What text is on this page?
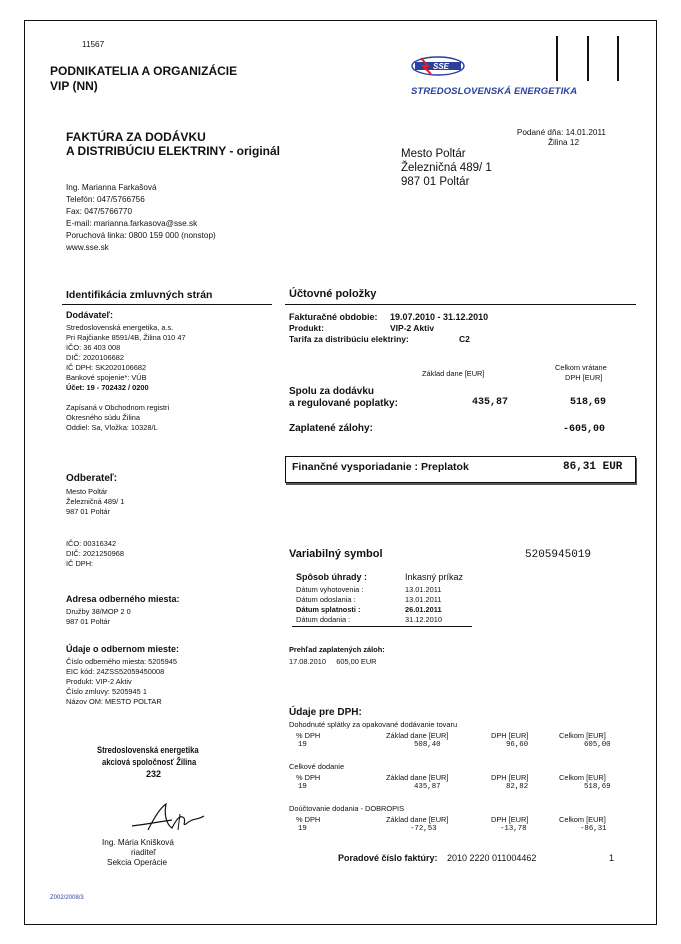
11567
PODNIKATELIA A ORGANIZÁCIE
VIP (NN)
SSE
STREDOSLOVENSKÁ ENERGETIKA
FAKTÚRA ZA DODÁVKU
A DISTRIBÚCIU ELEKTRINY - originál
Podané dňa: 14.01.2011
Žilina 12
Mesto Poltár
Železničná 489/ 1
987 01 Poltár
Ing. Marianna Farkašová
Telefón: 047/5766756
Fax: 047/5766770
E-mail: marianna.farkasova@sse.sk
Poruchová linka: 0800 159 000 (nonstop)
www.sse.sk
Identifikácia zmluvných strán	Účtovné položky
Dodávateľ:
Stredoslovenská energetika, a.s.
Pri Rajčianke 8591/4B, Žilina 010 47
IČO: 36 403 008
DIČ: 2020106682
IČ DPH: SK2020106682
Bankové spojenie*: VÚB
Účet: 19 - 702432 / 0200
Zapísaná v Obchodnom registri
Okresného súdu Žilina
Oddiel: Sa, Vložka: 10328/L
Odberateľ:
Mesto Poltár
Železničná 489/ 1
987 01 Poltár
IČO: 00316342
DIČ: 2021250968
IČ DPH:
Adresa odberného miesta:
Družby 38/MOP 2 0
987 01 Poltár
Údaje o odbernom mieste:
Číslo odberného miesta: 5205945
EIC kód: 24ZSS52059450008
Produkt: VIP-2 Aktiv
Číslo zmluvy: 5205945 1
Názov OM: MESTO POLTAR
Stredoslovenská energetika
akciová spoločnosť Žilina
232
Ing. Mária Knišková
riaditeľ
Sekcia Operácie
Z002/2008/3
Fakturačné obdobie: 19.07.2010 - 31.12.2010
Produkt:	VIP-2 Aktiv
Tarifa za distribúciu elektriny:	C2
Základ dane [EUR]
Celkom vrátane
DPH [EUR]
Spolu za dodávku
a regulované poplatky:	435,87	518,69
Zaplatené zálohy:	-605,00
Finančné vysporiadanie : Preplatok	86,31 EUR
Variabilný symbol	5205945019
Spôsob úhrady :	Inkasný príkaz
Dátum vyhotovenia :	13.01.2011
Dátum odoslania :	13.01.2011
Dátum splatnosti :	26.01.2011
Dátum dodania :	31.12.2010
Prehľad zaplatených záloh:
17.08.2010     605,00 EUR
Údaje pre DPH:
Dohodnuté splátky za opakované dodávanie tovaru
% DPH	Základ dane [EUR]	DPH [EUR]	Celkom [EUR]
19	508,40	96,60	605,00
Celkové dodanie
% DPH	Základ dane [EUR]	DPH [EUR]	Celkom [EUR]
19	435,87	82,82	518,69
Doúčtovanie dodania - DOBROPIS
% DPH	Základ dane [EUR]	DPH [EUR]	Celkom [EUR]
19	-72,53	-13,78	-86,31
Poradové číslo faktúry: 2010 2220 011004462	1
